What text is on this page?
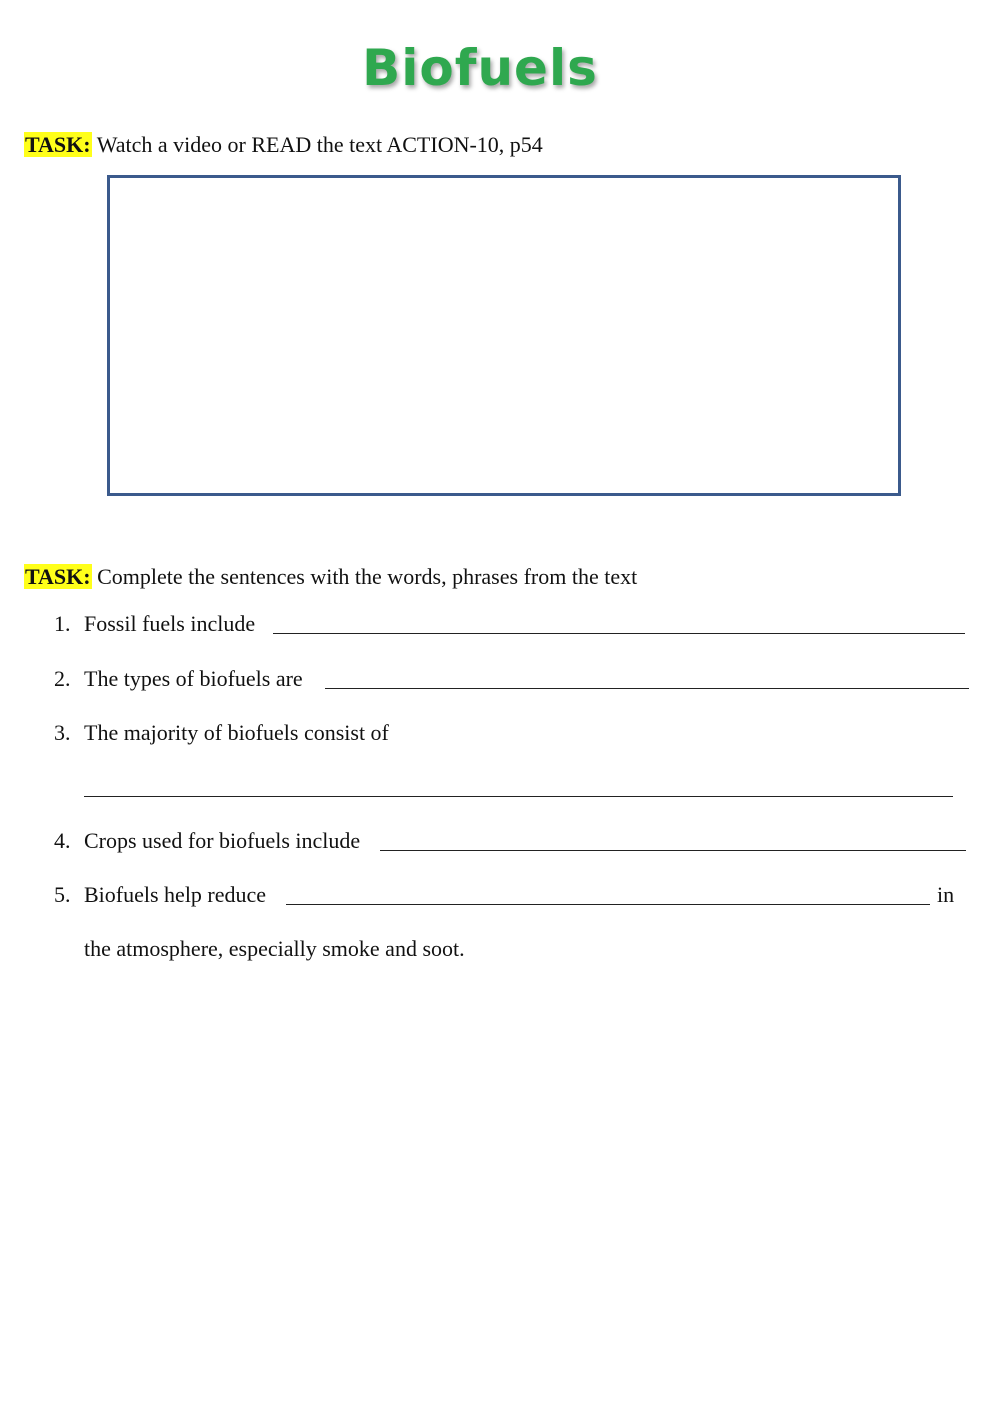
Biofuels
TASK: Watch a video or READ the text ACTION-10, p54
TASK: Complete the sentences with the words, phrases from the text
1. Fossil fuels include
2. The types of biofuels are
3. The majority of biofuels consist of
4. Crops used for biofuels include
5. Biofuels help reduce	in
the atmosphere, especially smoke and soot.
